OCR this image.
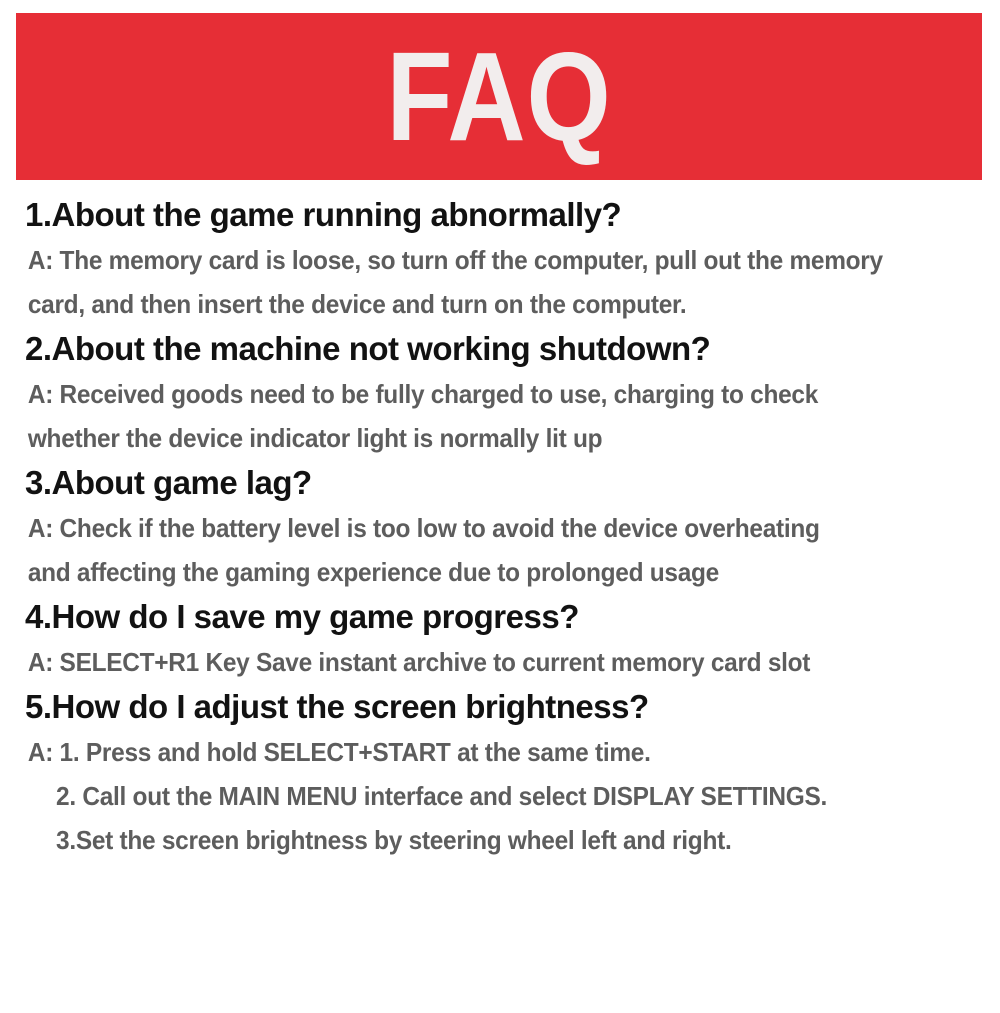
FAQ
1.About the game running abnormally?

A: The memory card is loose, so turn off the computer, pull out the memory

card, and then insert the device and turn on the computer.

2.About the machine not working shutdown?

A: Received goods need to be fully charged to use, charging to check

whether the device indicator light is normally lit up

3.About game lag?

A: Check if the battery level is too low to avoid the device overheating

and affecting the gaming experience due to prolonged usage

4.How do I save my game progress?

A: SELECT+R1 Key Save instant archive to current memory card slot

5.How do I adjust the screen brightness?

A: 1. Press and hold SELECT+START at the same time.

2. Call out the MAIN MENU interface and select DISPLAY SETTINGS.

3.Set the screen brightness by steering wheel left and right.
